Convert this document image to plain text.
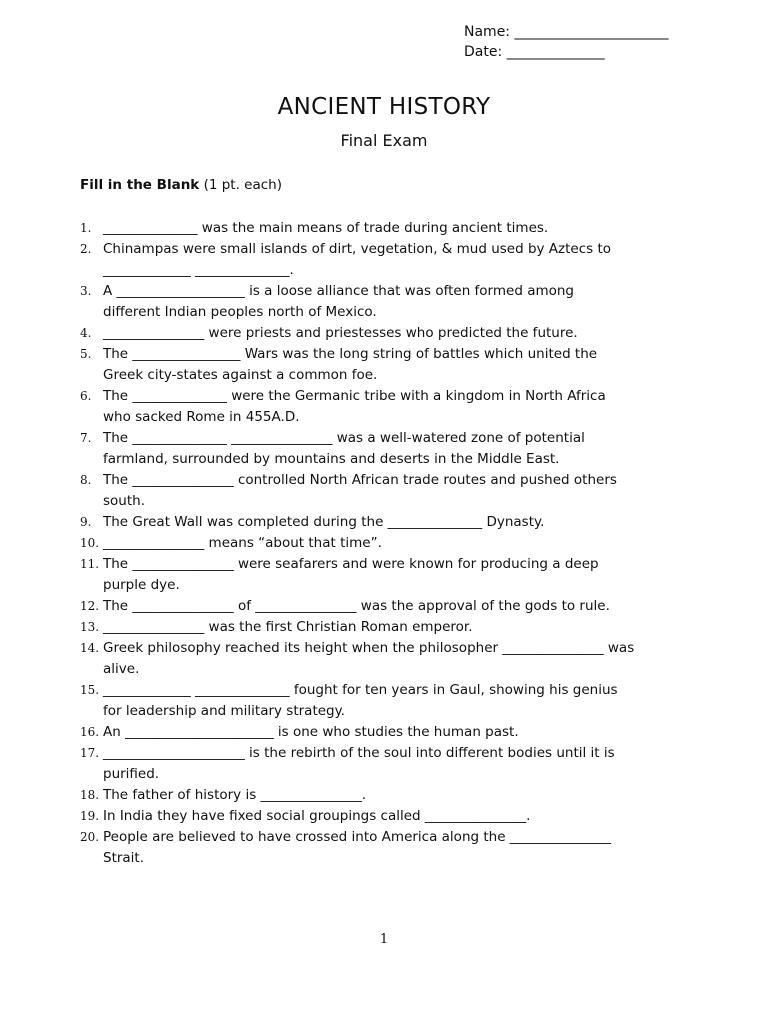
Name: ______________________
Date: ______________
ANCIENT HISTORY
Final Exam
Fill in the Blank (1 pt. each)
1. ______________ was the main means of trade during ancient times.
2. Chinampas were small islands of dirt, vegetation, & mud used by Aztecs to
_____________ ______________.
3. A ___________________ is a loose alliance that was often formed among
different Indian peoples north of Mexico.
4. _______________ were priests and priestesses who predicted the future.
5. The ________________ Wars was the long string of battles which united the
Greek city-states against a common foe.
6. The ______________ were the Germanic tribe with a kingdom in North Africa
who sacked Rome in 455A.D.
7. The ______________ _______________ was a well-watered zone of potential
farmland, surrounded by mountains and deserts in the Middle East.
8. The _______________ controlled North African trade routes and pushed others
south.
9. The Great Wall was completed during the ______________ Dynasty.
10. _______________ means “about that time”.
11. The _______________ were seafarers and were known for producing a deep
purple dye.
12. The _______________ of _______________ was the approval of the gods to rule.
13. _______________ was the first Christian Roman emperor.
14. Greek philosophy reached its height when the philosopher _______________ was
alive.
15. _____________ ______________ fought for ten years in Gaul, showing his genius
for leadership and military strategy.
16. An ______________________ is one who studies the human past.
17. _____________________ is the rebirth of the soul into different bodies until it is
purified.
18. The father of history is _______________.
19. In India they have fixed social groupings called _______________.
20. People are believed to have crossed into America along the _______________
Strait.
1
